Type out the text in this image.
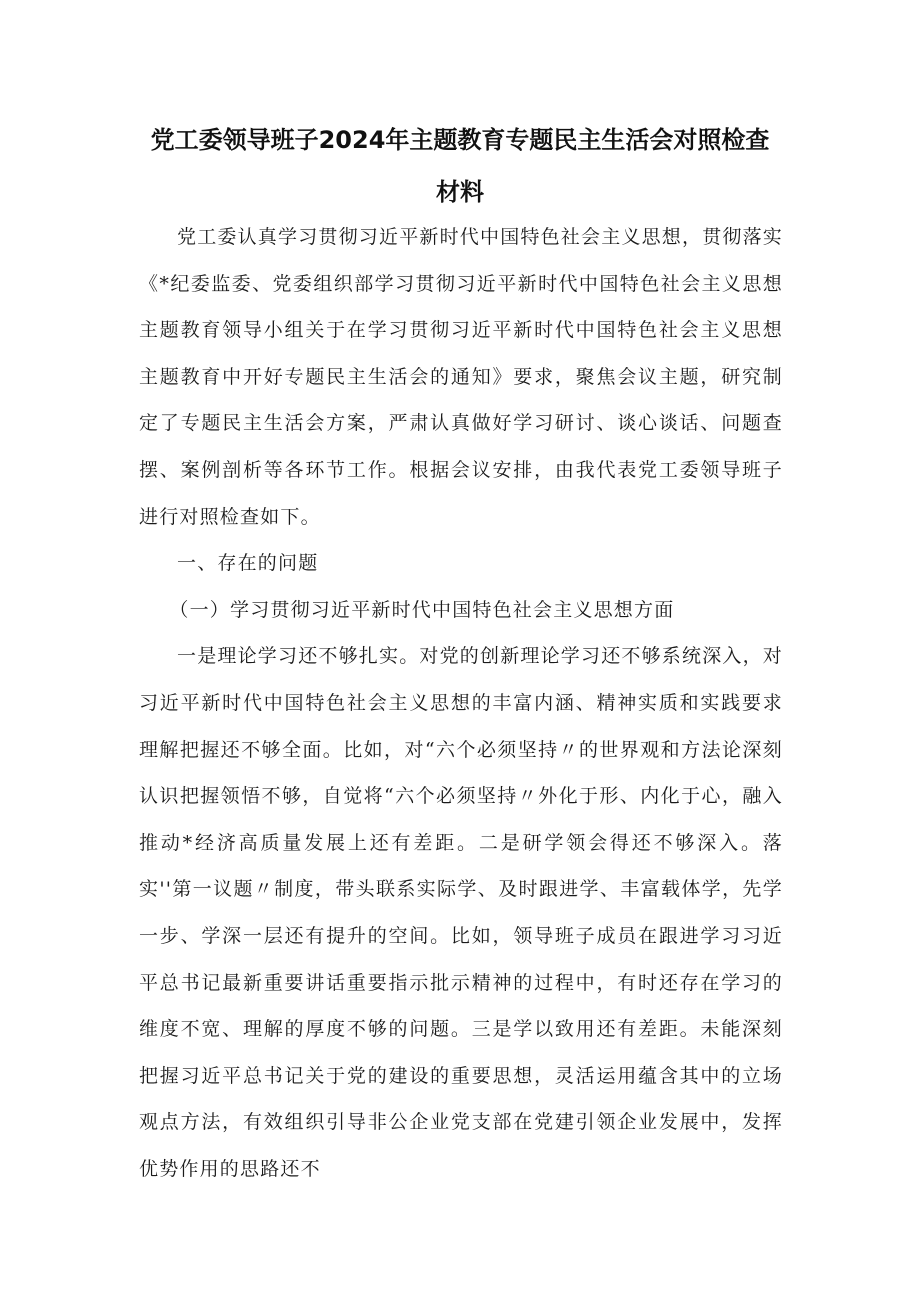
党工委领导班子2024年主题教育专题民主生活会对照检查
材料

党工委认真学习贯彻习近平新时代中国特色社会主义思想，贯彻落实《*纪委监委、党委组织部学习贯彻习近平新时代中国特色社会主义思想主题教育领导小组关于在学习贯彻习近平新时代中国特色社会主义思想主题教育中开好专题民主生活会的通知》要求，聚焦会议主题，研究制定了专题民主生活会方案，严肃认真做好学习研讨、谈心谈话、问题查摆、案例剖析等各环节工作。根据会议安排，由我代表党工委领导班子进行对照检查如下。

一、存在的问题

（一）学习贯彻习近平新时代中国特色社会主义思想方面

一是理论学习还不够扎实。对党的创新理论学习还不够系统深入，对习近平新时代中国特色社会主义思想的丰富内涵、精神实质和实践要求理解把握还不够全面。比如，对“六个必须坚持〃的世界观和方法论深刻认识把握领悟不够，自觉将“六个必须坚持〃外化于形、内化于心，融入推动*经济高质量发展上还有差距。二是研学领会得还不够深入。落实''第一议题〃制度，带头联系实际学、及时跟进学、丰富载体学，先学一步、学深一层还有提升的空间。比如，领导班子成员在跟进学习习近平总书记最新重要讲话重要指示批示精神的过程中，有时还存在学习的维度不宽、理解的厚度不够的问题。三是学以致用还有差距。未能深刻把握习近平总书记关于党的建设的重要思想，灵活运用蕴含其中的立场观点方法，有效组织引导非公企业党支部在党建引领企业发展中，发挥优势作用的思路还不
